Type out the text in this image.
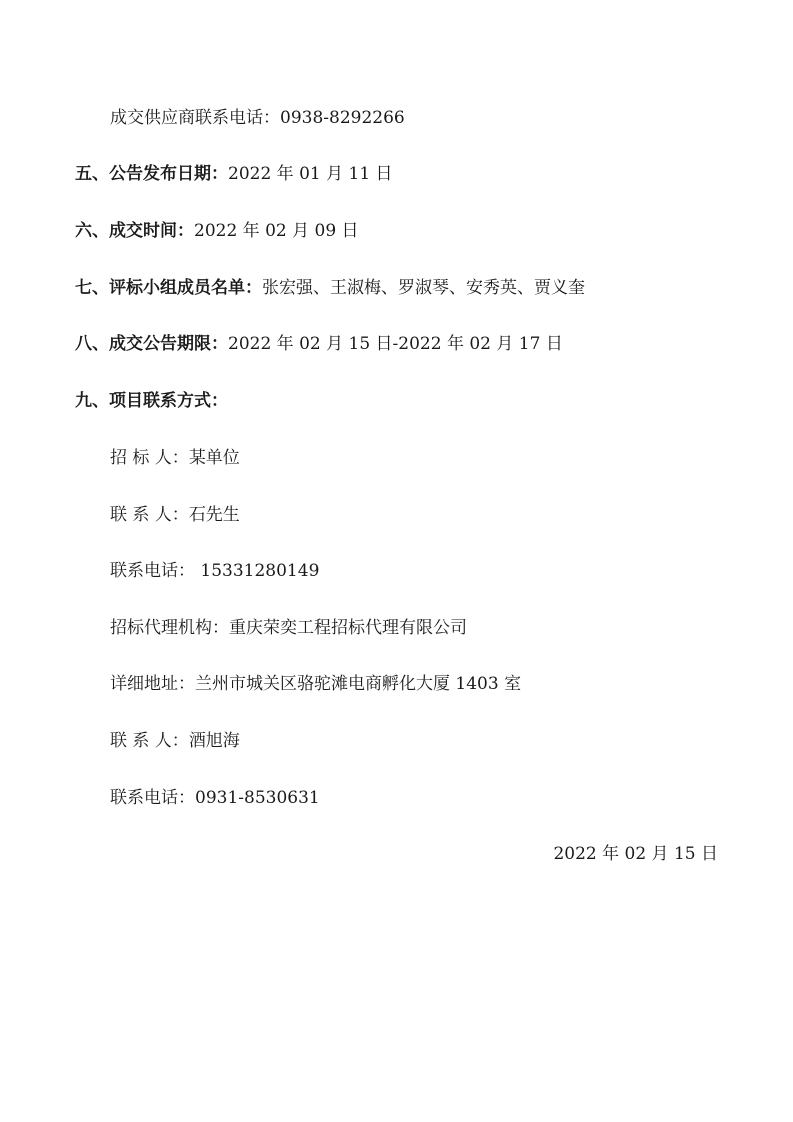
成交供应商联系电话：0938-8292266
五、公告发布日期：2022 年 01 月 11 日
六、成交时间：2022 年 02 月 09 日
七、评标小组成员名单：张宏强、王淑梅、罗淑琴、安秀英、贾义奎
八、成交公告期限：2022 年 02 月 15 日-2022 年 02 月 17 日
九、项目联系方式：
招 标 人：某单位
联 系 人：石先生
联系电话： 15331280149
招标代理机构：重庆荣奕工程招标代理有限公司
详细地址：兰州市城关区骆驼滩电商孵化大厦 1403 室
联 系 人：酒旭海
联系电话：0931-8530631
2022 年 02 月 15 日
